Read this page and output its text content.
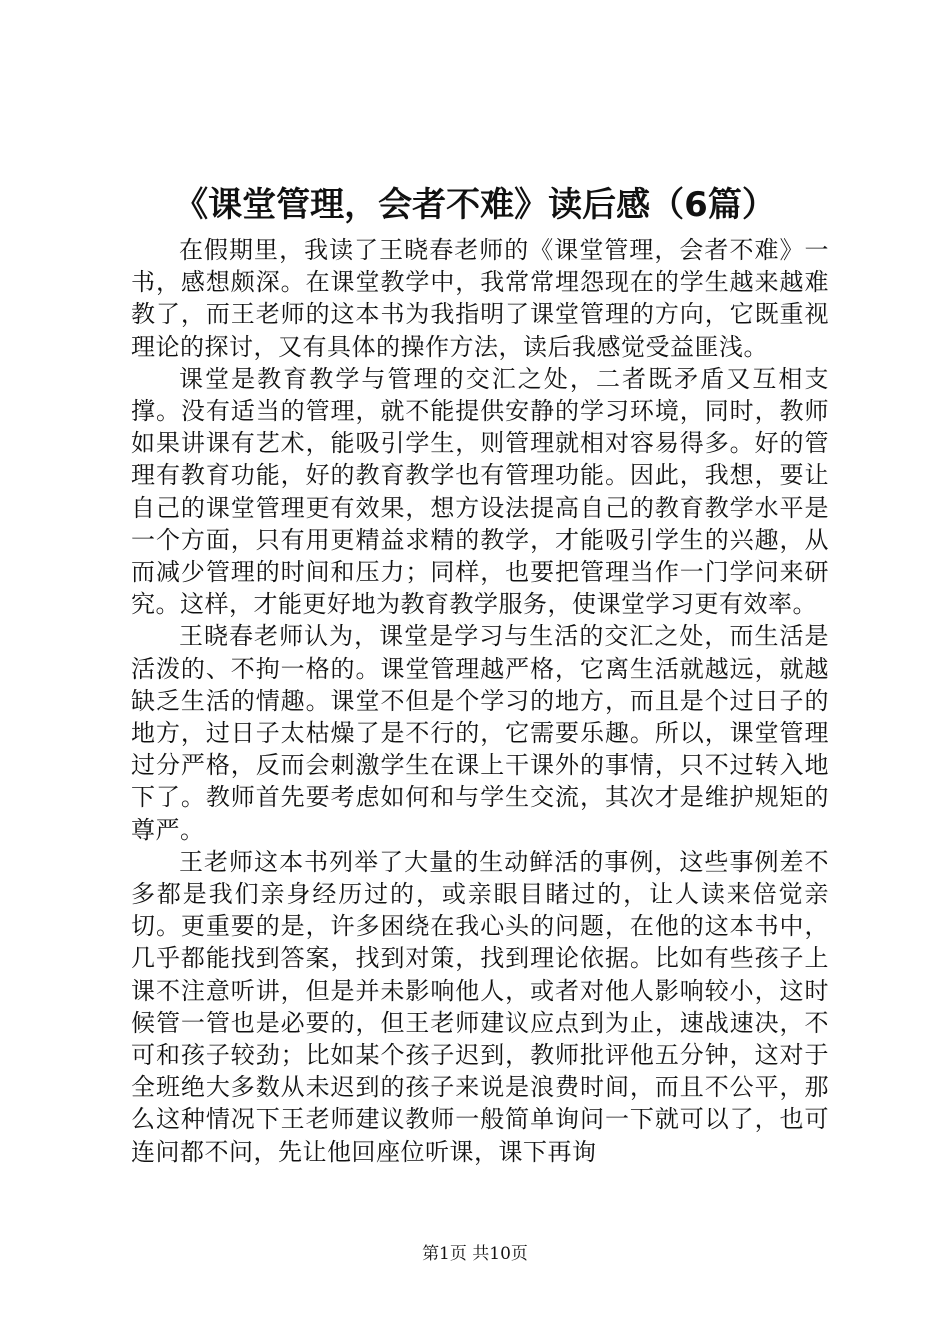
《课堂管理，会者不难》读后感（6篇）

在假期里，我读了王晓春老师的《课堂管理，会者不难》一书，感想颇深。在课堂教学中，我常常埋怨现在的学生越来越难教了，而王老师的这本书为我指明了课堂管理的方向，它既重视理论的探讨，又有具体的操作方法，读后我感觉受益匪浅。

课堂是教育教学与管理的交汇之处，二者既矛盾又互相支撑。没有适当的管理，就不能提供安静的学习环境，同时，教师如果讲课有艺术，能吸引学生，则管理就相对容易得多。好的管理有教育功能，好的教育教学也有管理功能。因此，我想，要让自己的课堂管理更有效果，想方设法提高自己的教育教学水平是一个方面，只有用更精益求精的教学，才能吸引学生的兴趣，从而减少管理的时间和压力；同样，也要把管理当作一门学问来研究。这样，才能更好地为教育教学服务，使课堂学习更有效率。

王晓春老师认为，课堂是学习与生活的交汇之处，而生活是活泼的、不拘一格的。课堂管理越严格，它离生活就越远，就越缺乏生活的情趣。课堂不但是个学习的地方，而且是个过日子的地方，过日子太枯燥了是不行的，它需要乐趣。所以，课堂管理过分严格，反而会刺激学生在课上干课外的事情，只不过转入地下了。教师首先要考虑如何和与学生交流，其次才是维护规矩的尊严。

王老师这本书列举了大量的生动鲜活的事例，这些事例差不多都是我们亲身经历过的，或亲眼目睹过的，让人读来倍觉亲切。更重要的是，许多困绕在我心头的问题，在他的这本书中，几乎都能找到答案，找到对策，找到理论依据。比如有些孩子上课不注意听讲，但是并未影响他人，或者对他人影响较小，这时候管一管也是必要的，但王老师建议应点到为止，速战速决，不可和孩子较劲；比如某个孩子迟到，教师批评他五分钟，这对于全班绝大多数从未迟到的孩子来说是浪费时间，而且不公平，那么这种情况下王老师建议教师一般简单询问一下就可以了，也可连问都不问，先让他回座位听课，课下再询

第1页 共10页
